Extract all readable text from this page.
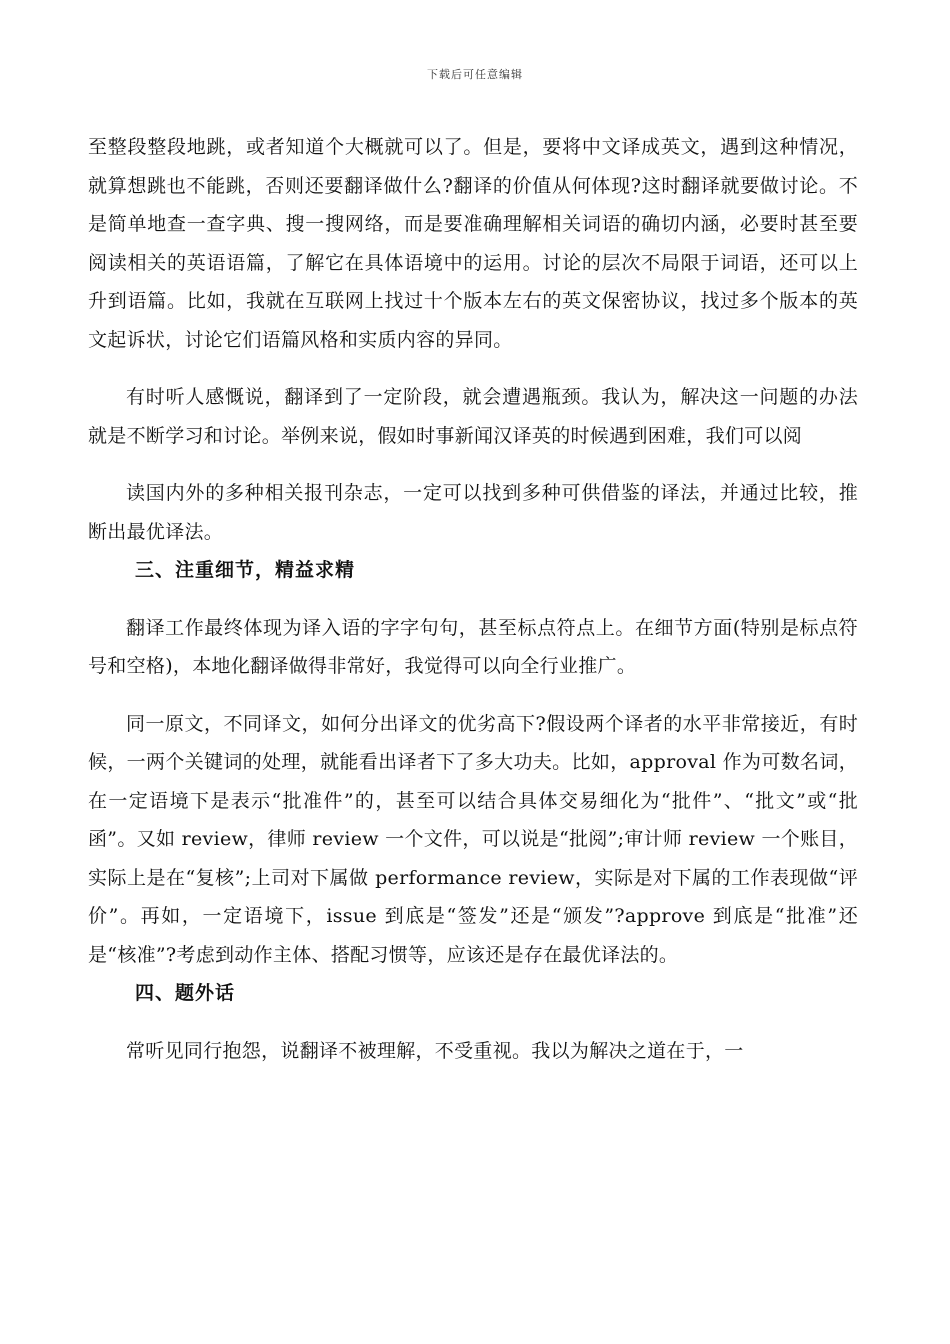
下载后可任意编辑

至整段整段地跳，或者知道个大概就可以了。但是，要将中文译成英文，遇到这种情况，就算想跳也不能跳，否则还要翻译做什么?翻译的价值从何体现?这时翻译就要做讨论。不是简单地查一查字典、搜一搜网络，而是要准确理解相关词语的确切内涵，必要时甚至要阅读相关的英语语篇，了解它在具体语境中的运用。讨论的层次不局限于词语，还可以上升到语篇。比如，我就在互联网上找过十个版本左右的英文保密协议，找过多个版本的英文起诉状，讨论它们语篇风格和实质内容的异同。

有时听人感慨说，翻译到了一定阶段，就会遭遇瓶颈。我认为，解决这一问题的办法就是不断学习和讨论。举例来说，假如时事新闻汉译英的时候遇到困难，我们可以阅

读国内外的多种相关报刊杂志，一定可以找到多种可供借鉴的译法，并通过比较，推断出最优译法。

三、注重细节，精益求精

翻译工作最终体现为译入语的字字句句，甚至标点符点上。在细节方面(特别是标点符号和空格)，本地化翻译做得非常好，我觉得可以向全行业推广。

同一原文，不同译文，如何分出译文的优劣高下?假设两个译者的水平非常接近，有时候，一两个关键词的处理，就能看出译者下了多大功夫。比如，approval 作为可数名词，在一定语境下是表示“批准件”的，甚至可以结合具体交易细化为“批件”、“批文”或“批函”。又如 review，律师 review 一个文件，可以说是“批阅”;审计师 review 一个账目，实际上是在“复核”;上司对下属做 performance review，实际是对下属的工作表现做“评价”。再如，一定语境下，issue 到底是“签发”还是“颁发”?approve 到底是“批准”还是“核准”?考虑到动作主体、搭配习惯等，应该还是存在最优译法的。

四、题外话

常听见同行抱怨，说翻译不被理解，不受重视。我以为解决之道在于，一
